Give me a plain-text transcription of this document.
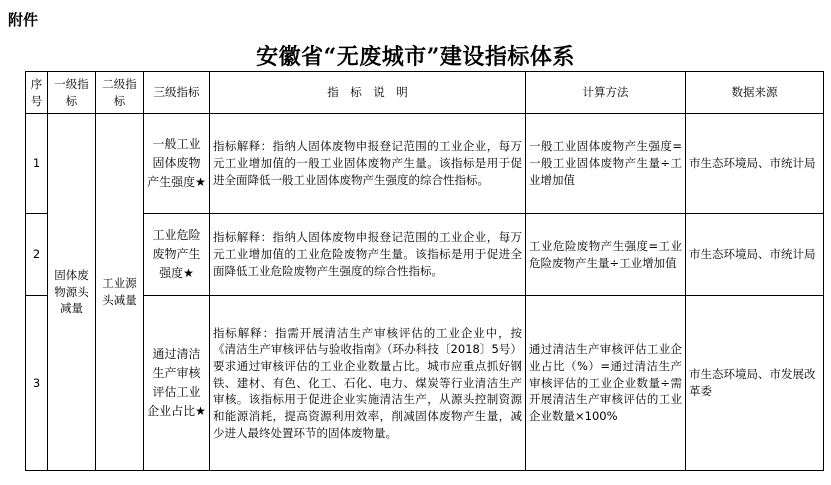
附件
安徽省“无废城市”建设指标体系
序号	一级指标	二级指标	三级指标	指　标　说　明	计算方法	数据来源
1	固体废物源头减量	工业源头减量	一般工业固体废物产生强度★	指标解释：指纳人固体废物申报登记范围的工业企业，每万元工业增加值的一般工业固体废物产生量。该指标是用于促进全面降低一般工业固体废物产生强度的综合性指标。	一般工业固体废物产生强度=一般工业固体废物产生量÷工业增加值	市生态环境局、市统计局
2			工业危险废物产生强度★	指标解释：指纳人固体废物申报登记范围的工业企业，每万元工业增加值的工业危险废物产生量。该指标是用于促进全面降低工业危险废物产生强度的综合性指标。	工业危险废物产生强度=工业危险废物产生量÷工业增加值	市生态环境局、市统计局
3			通过清洁生产审核评估工业企业占比★	指标解释：指需开展清洁生产审核评估的工业企业中，按《清洁生产审核评估与验收指南》（环办科技〔2018〕5号）要求通过审核评估的工业企业数量占比。城市应重点抓好钢铁、建材、有色、化工、石化、电力、煤炭等行业清洁生产审核。该指标用于促进企业实施清洁生产，从源头控制资源和能源消耗，提高资源利用效率，削减固体废物产生量，减少进人最终处置环节的固体废物量。	通过清洁生产审核评估工业企业占比（%）=通过清洁生产审核评估的工业企业数量÷需开展清洁生产审核评估的工业企业数量×100%	市生态环境局、市发展改革委
